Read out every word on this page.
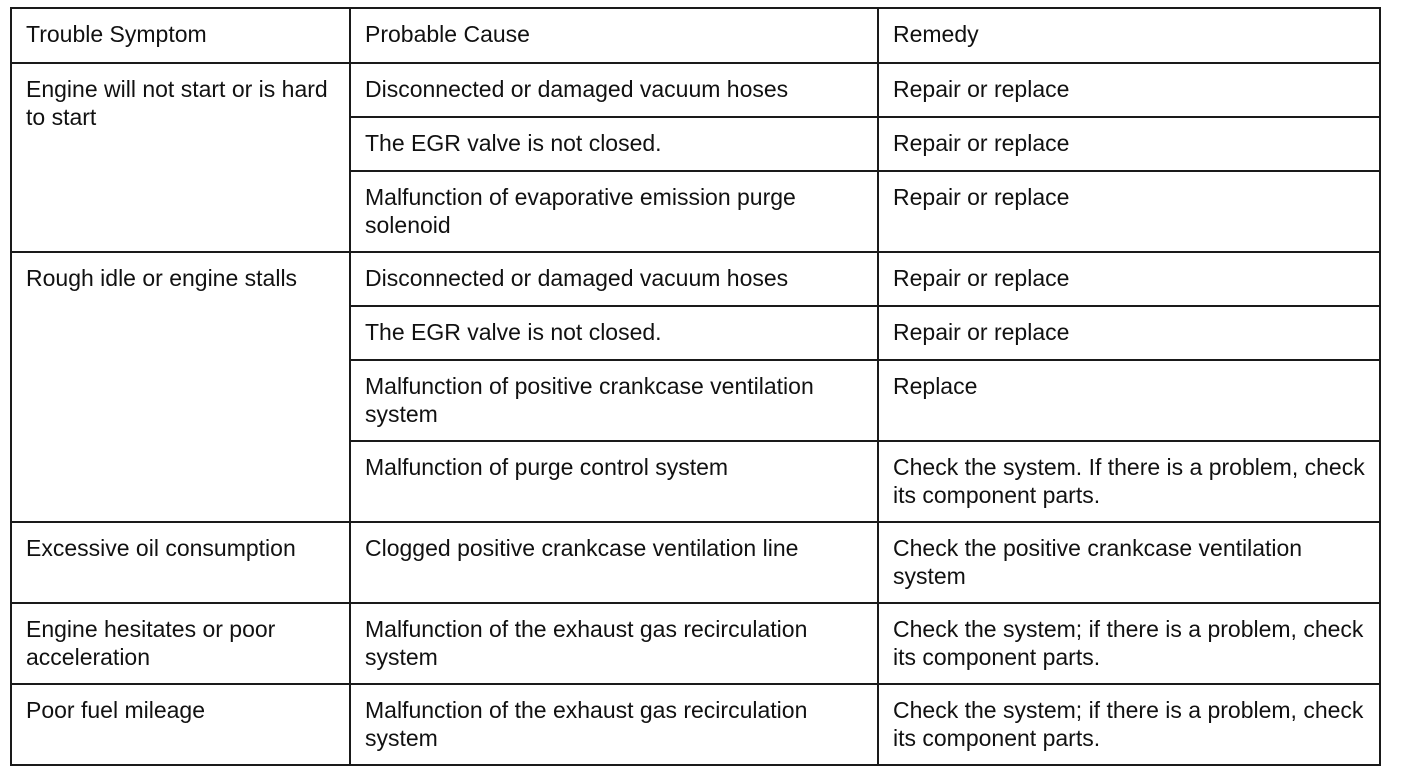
Trouble Symptom	Probable Cause	Remedy
Engine will not start or is hard to start	Disconnected or damaged vacuum hoses	Repair or replace
	The EGR valve is not closed.	Repair or replace
	Malfunction of evaporative emission purge solenoid	Repair or replace
Rough idle or engine stalls	Disconnected or damaged vacuum hoses	Repair or replace
	The EGR valve is not closed.	Repair or replace
	Malfunction of positive crankcase ventilation system	Replace
	Malfunction of purge control system	Check the system. If there is a problem, check its component parts.
Excessive oil consumption	Clogged positive crankcase ventilation line	Check the positive crankcase ventilation system
Engine hesitates or poor acceleration	Malfunction of the exhaust gas recirculation system	Check the system; if there is a problem, check its component parts.
Poor fuel mileage	Malfunction of the exhaust gas recirculation system	Check the system; if there is a problem, check its component parts.
